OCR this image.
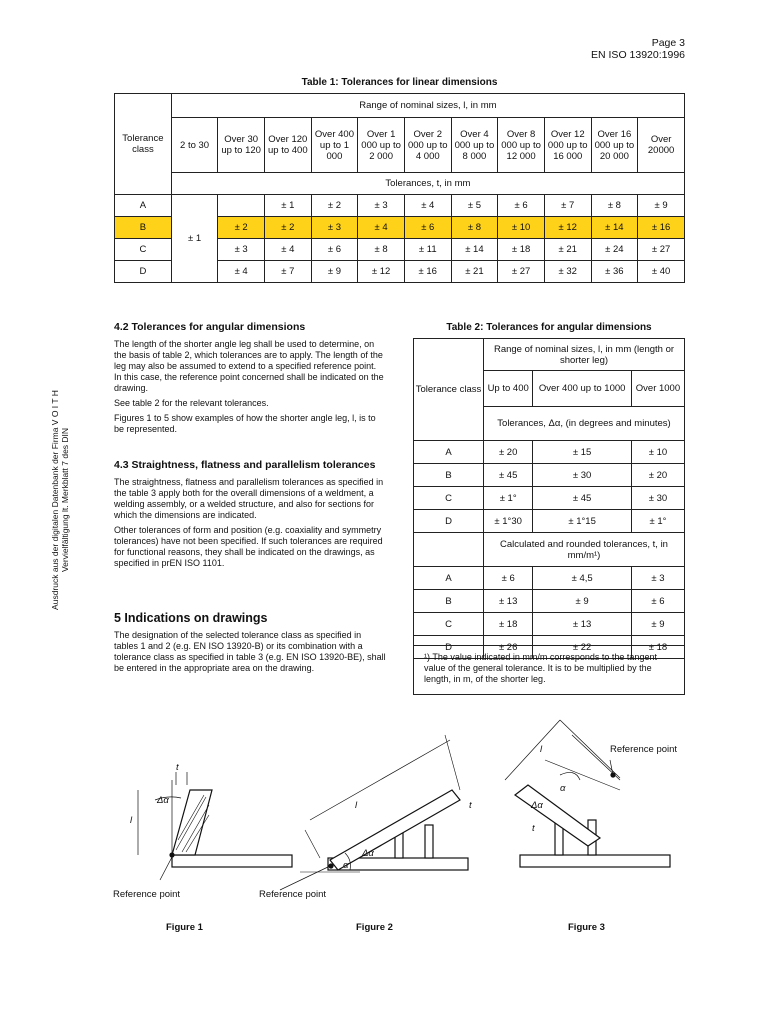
Page 3
EN ISO 13920:1996
Ausdruck aus der digitalen Datenbank der Firma V O I T H Vervielfältigung lt. Merkblatt 7 des DIN
Table 1: Tolerances for linear dimensions
Tolerance class	Range of nominal sizes, l, in mm										
	2 to 30	Over 30 up to 120	Over 120 up to 400	Over 400 up to 1 000	Over 1 000 up to 2 000	Over 2 000 up to 4 000	Over 4 000 up to 8 000	Over 8 000 up to 12 000	Over 12 000 up to 16 000	Over 16 000 up to 20 000	Over 20000
	Tolerances, t, in mm										
A	± 1		± 1	± 2	± 3	± 4	± 5	± 6	± 7	± 8	± 9
B		± 2	± 2	± 3	± 4	± 6	± 8	± 10	± 12	± 14	± 16
C		± 3	± 4	± 6	± 8	± 11	± 14	± 18	± 21	± 24	± 27
D		± 4	± 7	± 9	± 12	± 16	± 21	± 27	± 32	± 36	± 40
4.2 Tolerances for angular dimensions

The length of the shorter angle leg shall be used to determine, on the basis of table 2, which tolerances are to apply. The length of the leg may also be assumed to extend to a specified reference point. In this case, the reference point concerned shall be indicated on the drawing.

See table 2 for the relevant tolerances.

Figures 1 to 5 show examples of how the shorter angle leg, l, is to be represented.

4.3 Straightness, flatness and parallelism tolerances

The straightness, flatness and parallelism tolerances as specified in the table 3 apply both for the overall dimensions of a weldment, a welding assembly, or a welded structure, and also for sections for which the dimensions are indicated.

Other tolerances of form and position (e.g. coaxiality and symmetry tolerances) have not been specified. If such tolerances are required for functional reasons, they shall be indicated on the drawings, as specified in prEN ISO 1101.

5 Indications on drawings

The designation of the selected tolerance class as specified in tables 1 and 2 (e.g. EN ISO 13920-B) or its combination with a tolerance class as specified in table 3 (e.g. EN ISO 13920-BE), shall be entered in the appropriate area on the drawing.

Table 2: Tolerances for angular dimensions
Tolerance class	Range of nominal sizes, l, in mm (length or shorter leg)		
	Up to 400	Over 400 up to 1000	Over 1000
	Tolerances, Δα, (in degrees and minutes)		
A	± 20	± 15	± 10
B	± 45	± 30	± 20
C	± 1°	± 45	± 30
D	± 1°30	± 1°15	± 1°
	Calculated and rounded tolerances, t, in mm/m¹)		
A	± 6	± 4,5	± 3
B	± 13	± 9	± 6
C	± 18	± 13	± 9
D	± 26	± 22	± 18
¹) The value indicated in mm/m corresponds to the tangent value of the general tolerance. It is to be multiplied by the length, in m, of the shorter leg.
Reference point	Reference point
Reference point
l
t
Δα	l	t
Δα
α
l
α
Δα
t
Figure 1	Figure 2	Figure 3
